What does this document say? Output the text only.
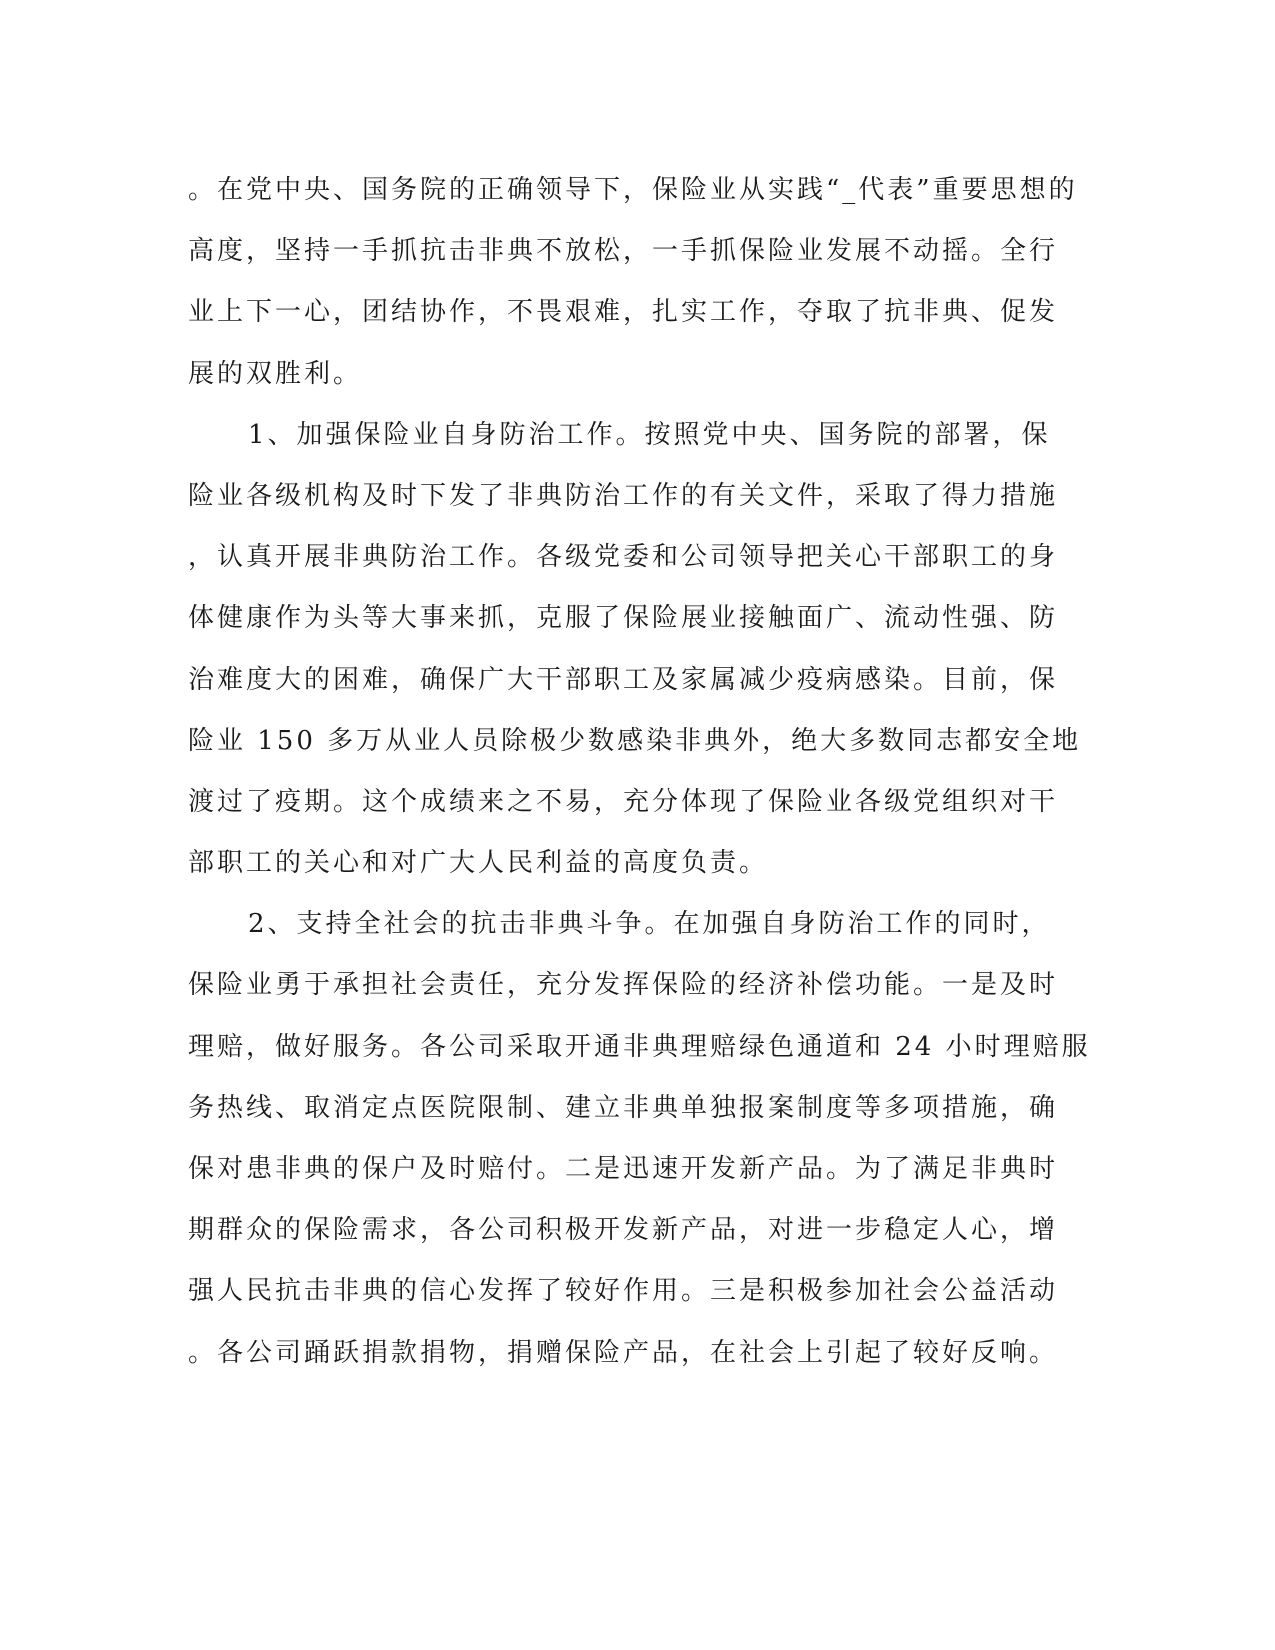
。在党中央、国务院的正确领导下，保险业从实践“_代表”重要思想的
高度，坚持一手抓抗击非典不放松，一手抓保险业发展不动摇。全行
业上下一心，团结协作，不畏艰难，扎实工作，夺取了抗非典、促发
展的双胜利。
1、加强保险业自身防治工作。按照党中央、国务院的部署，保
险业各级机构及时下发了非典防治工作的有关文件，采取了得力措施
，认真开展非典防治工作。各级党委和公司领导把关心干部职工的身
体健康作为头等大事来抓，克服了保险展业接触面广、流动性强、防
治难度大的困难，确保广大干部职工及家属减少疫病感染。目前，保
险业 150 多万从业人员除极少数感染非典外，绝大多数同志都安全地
渡过了疫期。这个成绩来之不易，充分体现了保险业各级党组织对干
部职工的关心和对广大人民利益的高度负责。
2、支持全社会的抗击非典斗争。在加强自身防治工作的同时，
保险业勇于承担社会责任，充分发挥保险的经济补偿功能。一是及时
理赔，做好服务。各公司采取开通非典理赔绿色通道和 24 小时理赔服
务热线、取消定点医院限制、建立非典单独报案制度等多项措施，确
保对患非典的保户及时赔付。二是迅速开发新产品。为了满足非典时
期群众的保险需求，各公司积极开发新产品，对进一步稳定人心，增
强人民抗击非典的信心发挥了较好作用。三是积极参加社会公益活动
。各公司踊跃捐款捐物，捐赠保险产品，在社会上引起了较好反响。
